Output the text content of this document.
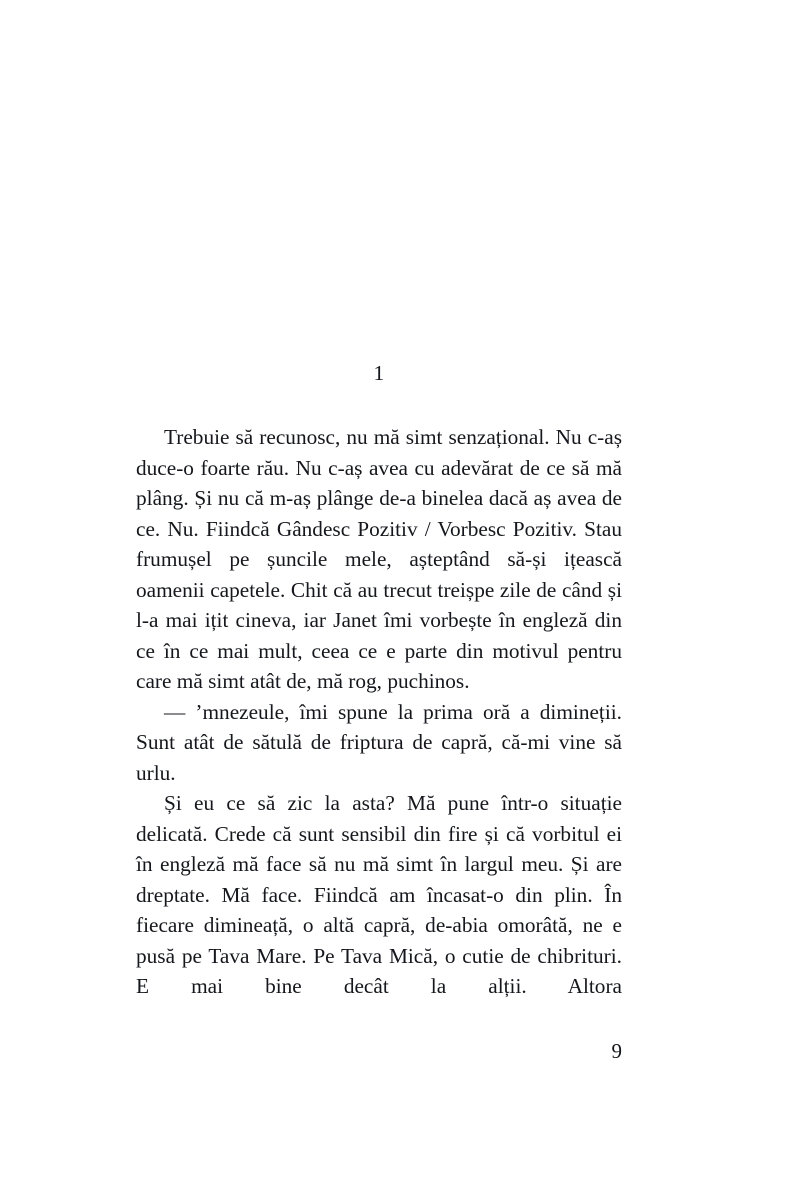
1

Trebuie să recunosc, nu mă simt senzațional. Nu c-aș duce-o foarte rău. Nu c-aș avea cu adevărat de ce să mă plâng. Și nu că m-aș plânge de-a binelea dacă aș avea de ce. Nu. Fiindcă Gândesc Pozitiv / Vorbesc Pozitiv. Stau frumușel pe șuncile mele, așteptând să-și ițească oamenii capetele. Chit că au trecut treișpe zile de când și l-a mai ițit cineva, iar Janet îmi vorbește în engleză din ce în ce mai mult, ceea ce e parte din motivul pentru care mă simt atât de, mă rog, puchinos.

— ’mnezeule, îmi spune la prima oră a dimineții. Sunt atât de sătulă de friptura de capră, că-mi vine să urlu.

Și eu ce să zic la asta? Mă pune într-o situație delicată. Crede că sunt sensibil din fire și că vorbitul ei în engleză mă face să nu mă simt în largul meu. Și are dreptate. Mă face. Fiindcă am încasat-o din plin. În fiecare dimineață, o altă capră, de-abia omorâtă, ne e pusă pe Tava Mare. Pe Tava Mică, o cutie de chibrituri. E mai bine decât la alții. Altora

9
